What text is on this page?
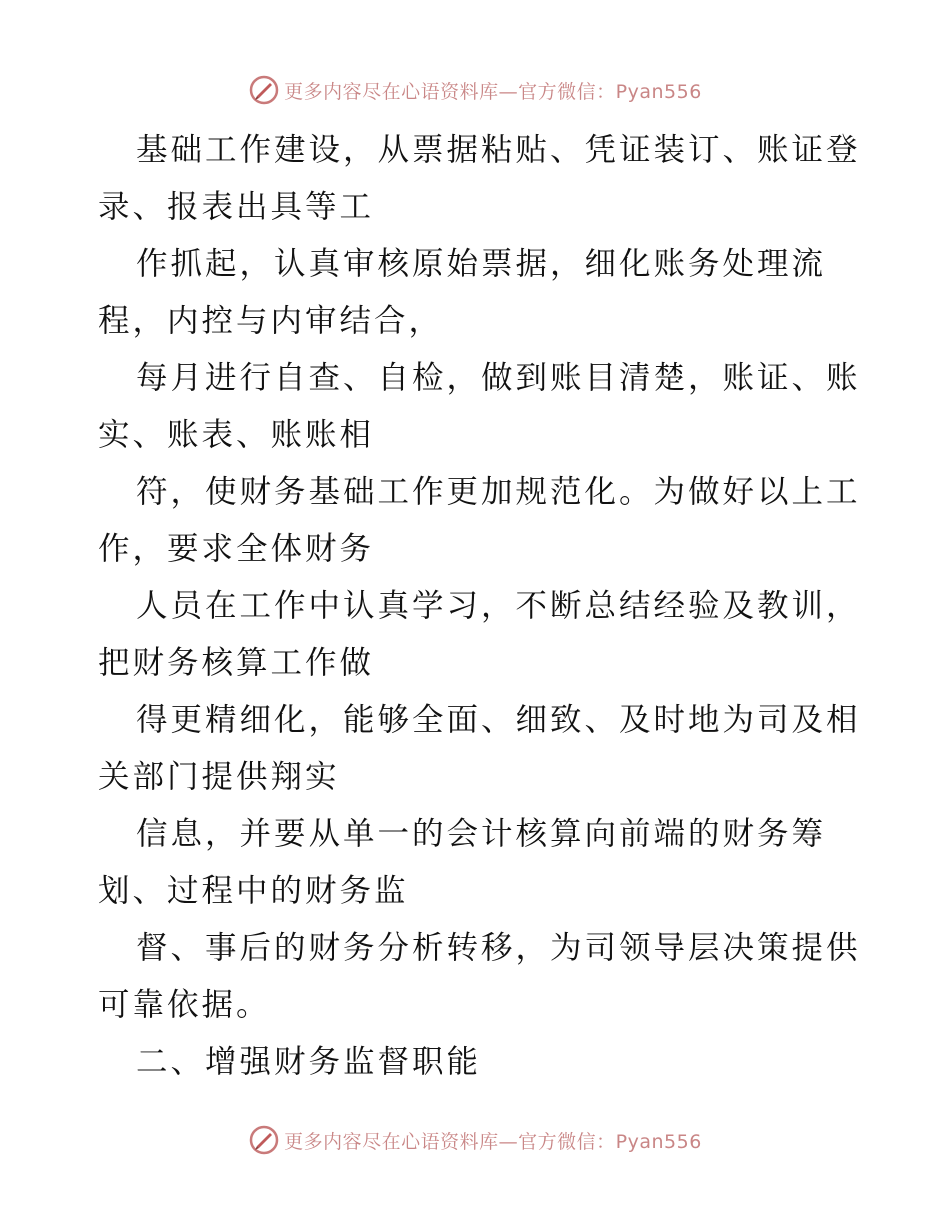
更多内容尽在心语资料库—官方微信：Pyan556
基础工作建设，从票据粘贴、凭证装订、账证登
录、报表出具等工
作抓起，认真审核原始票据，细化账务处理流
程，内控与内审结合，
每月进行自查、自检，做到账目清楚，账证、账
实、账表、账账相
符，使财务基础工作更加规范化。为做好以上工
作，要求全体财务
人员在工作中认真学习，不断总结经验及教训，
把财务核算工作做
得更精细化，能够全面、细致、及时地为司及相
关部门提供翔实
信息，并要从单一的会计核算向前端的财务筹
划、过程中的财务监
督、事后的财务分析转移，为司领导层决策提供
可靠依据。
二、增强财务监督职能
更多内容尽在心语资料库—官方微信：Pyan556
